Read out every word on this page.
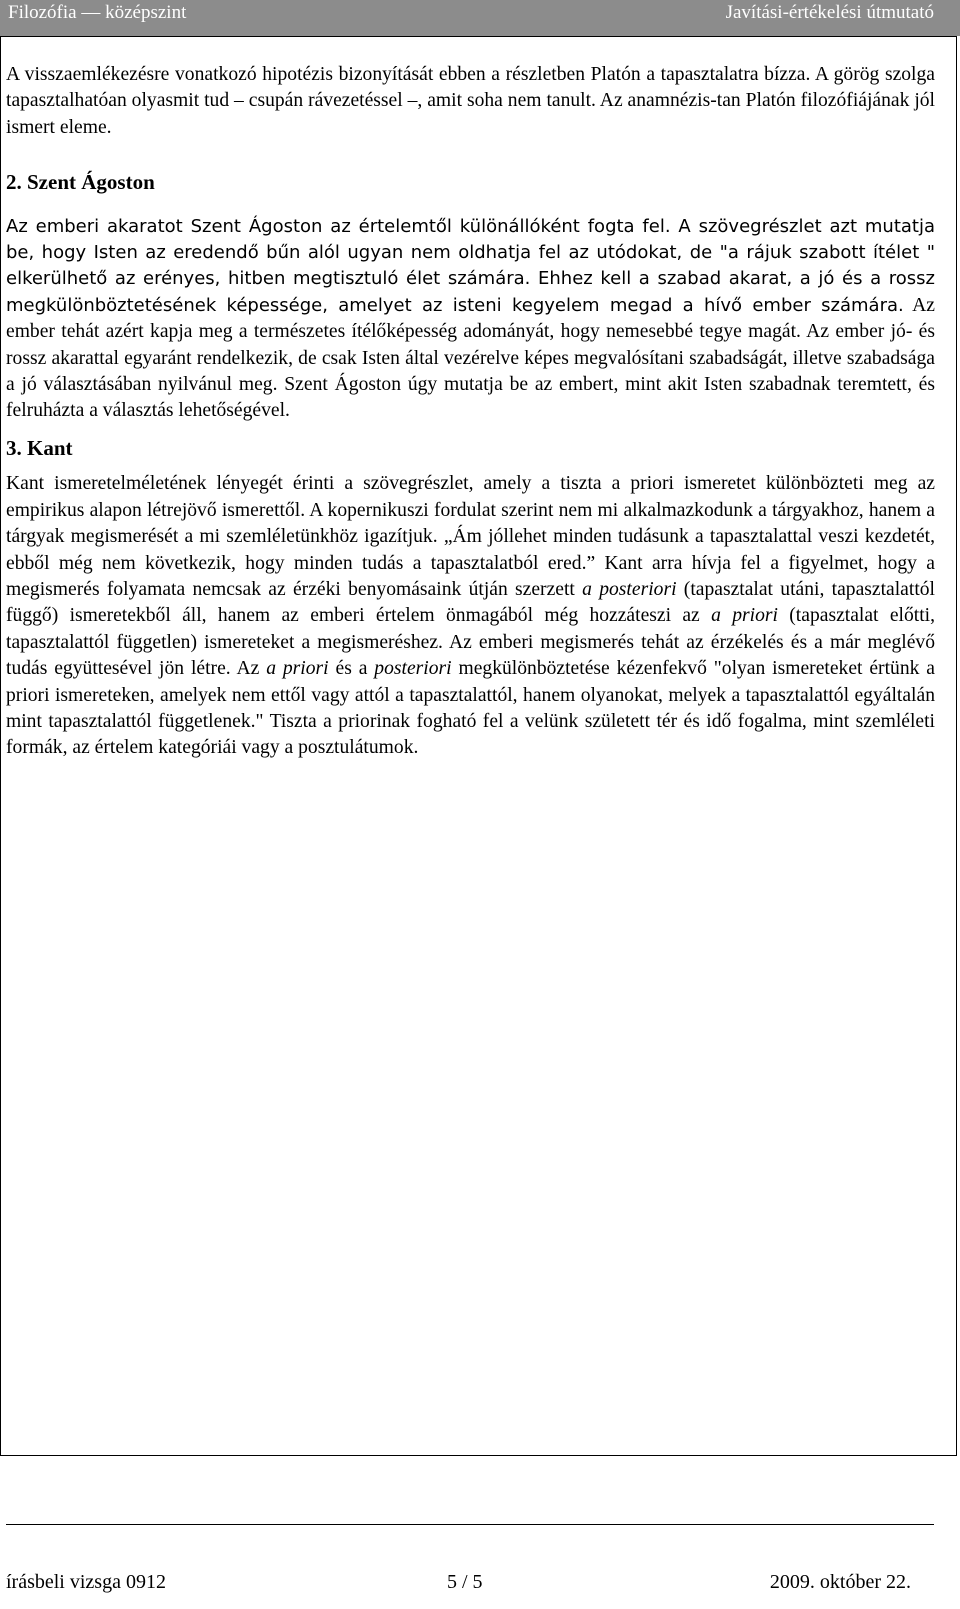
Filozófia — középszint	Javítási-értékelési útmutató

A visszaemlékezésre vonatkozó hipotézis bizonyítását ebben a részletben Platón a tapasztalatra bízza. A görög szolga tapasztalhatóan olyasmit tud – csupán rávezetéssel –, amit soha nem tanult. Az anamnézis-tan Platón filozófiájának jól ismert eleme.

2. Szent Ágoston

Az emberi akaratot Szent Ágoston az értelemtől különállóként fogta fel. A szövegrészlet azt mutatja be, hogy Isten az eredendő bűn alól ugyan nem oldhatja fel az utódokat, de "a rájuk szabott ítélet " elkerülhető az erényes, hitben megtisztuló élet számára. Ehhez kell a szabad akarat, a jó és a rossz megkülönböztetésének képessége, amelyet az isteni kegyelem megad a hívő ember számára. Az ember tehát azért kapja meg a természetes ítélőképesség adományát, hogy nemesebbé tegye magát. Az ember jó- és rossz akarattal egyaránt rendelkezik, de csak Isten által vezérelve képes megvalósítani szabadságát, illetve szabadsága a jó választásában nyilvánul meg. Szent Ágoston úgy mutatja be az embert, mint akit Isten szabadnak teremtett, és felruházta a választás lehetőségével.

3. Kant

Kant ismeretelméletének lényegét érinti a szövegrészlet, amely a tiszta a priori ismeretet különbözteti meg az empirikus alapon létrejövő ismerettől. A kopernikuszi fordulat szerint nem mi alkalmazkodunk a tárgyakhoz, hanem a tárgyak megismerését a mi szemléletünkhöz igazítjuk. „Ám jóllehet minden tudásunk a tapasztalattal veszi kezdetét, ebből még nem következik, hogy minden tudás a tapasztalatból ered.” Kant arra hívja fel a figyelmet, hogy a megismerés folyamata nemcsak az érzéki benyomásaink útján szerzett a posteriori (tapasztalat utáni, tapasztalattól függő) ismeretekből áll, hanem az emberi értelem önmagából még hozzáteszi az a priori (tapasztalat előtti, tapasztalattól független) ismereteket a megismeréshez. Az emberi megismerés tehát az érzékelés és a már meglévő tudás együttesével jön létre. Az a priori és a posteriori megkülönböztetése kézenfekvő "olyan ismereteket értünk a priori ismereteken, amelyek nem ettől vagy attól a tapasztalattól, hanem olyanokat, melyek a tapasztalattól egyáltalán mint tapasztalattól függetlenek." Tiszta a priorinak fogható fel a velünk született tér és idő fogalma, mint szemléleti formák, az értelem kategóriái vagy a posztulátumok.

írásbeli vizsga 0912	5 / 5	2009. október 22.
